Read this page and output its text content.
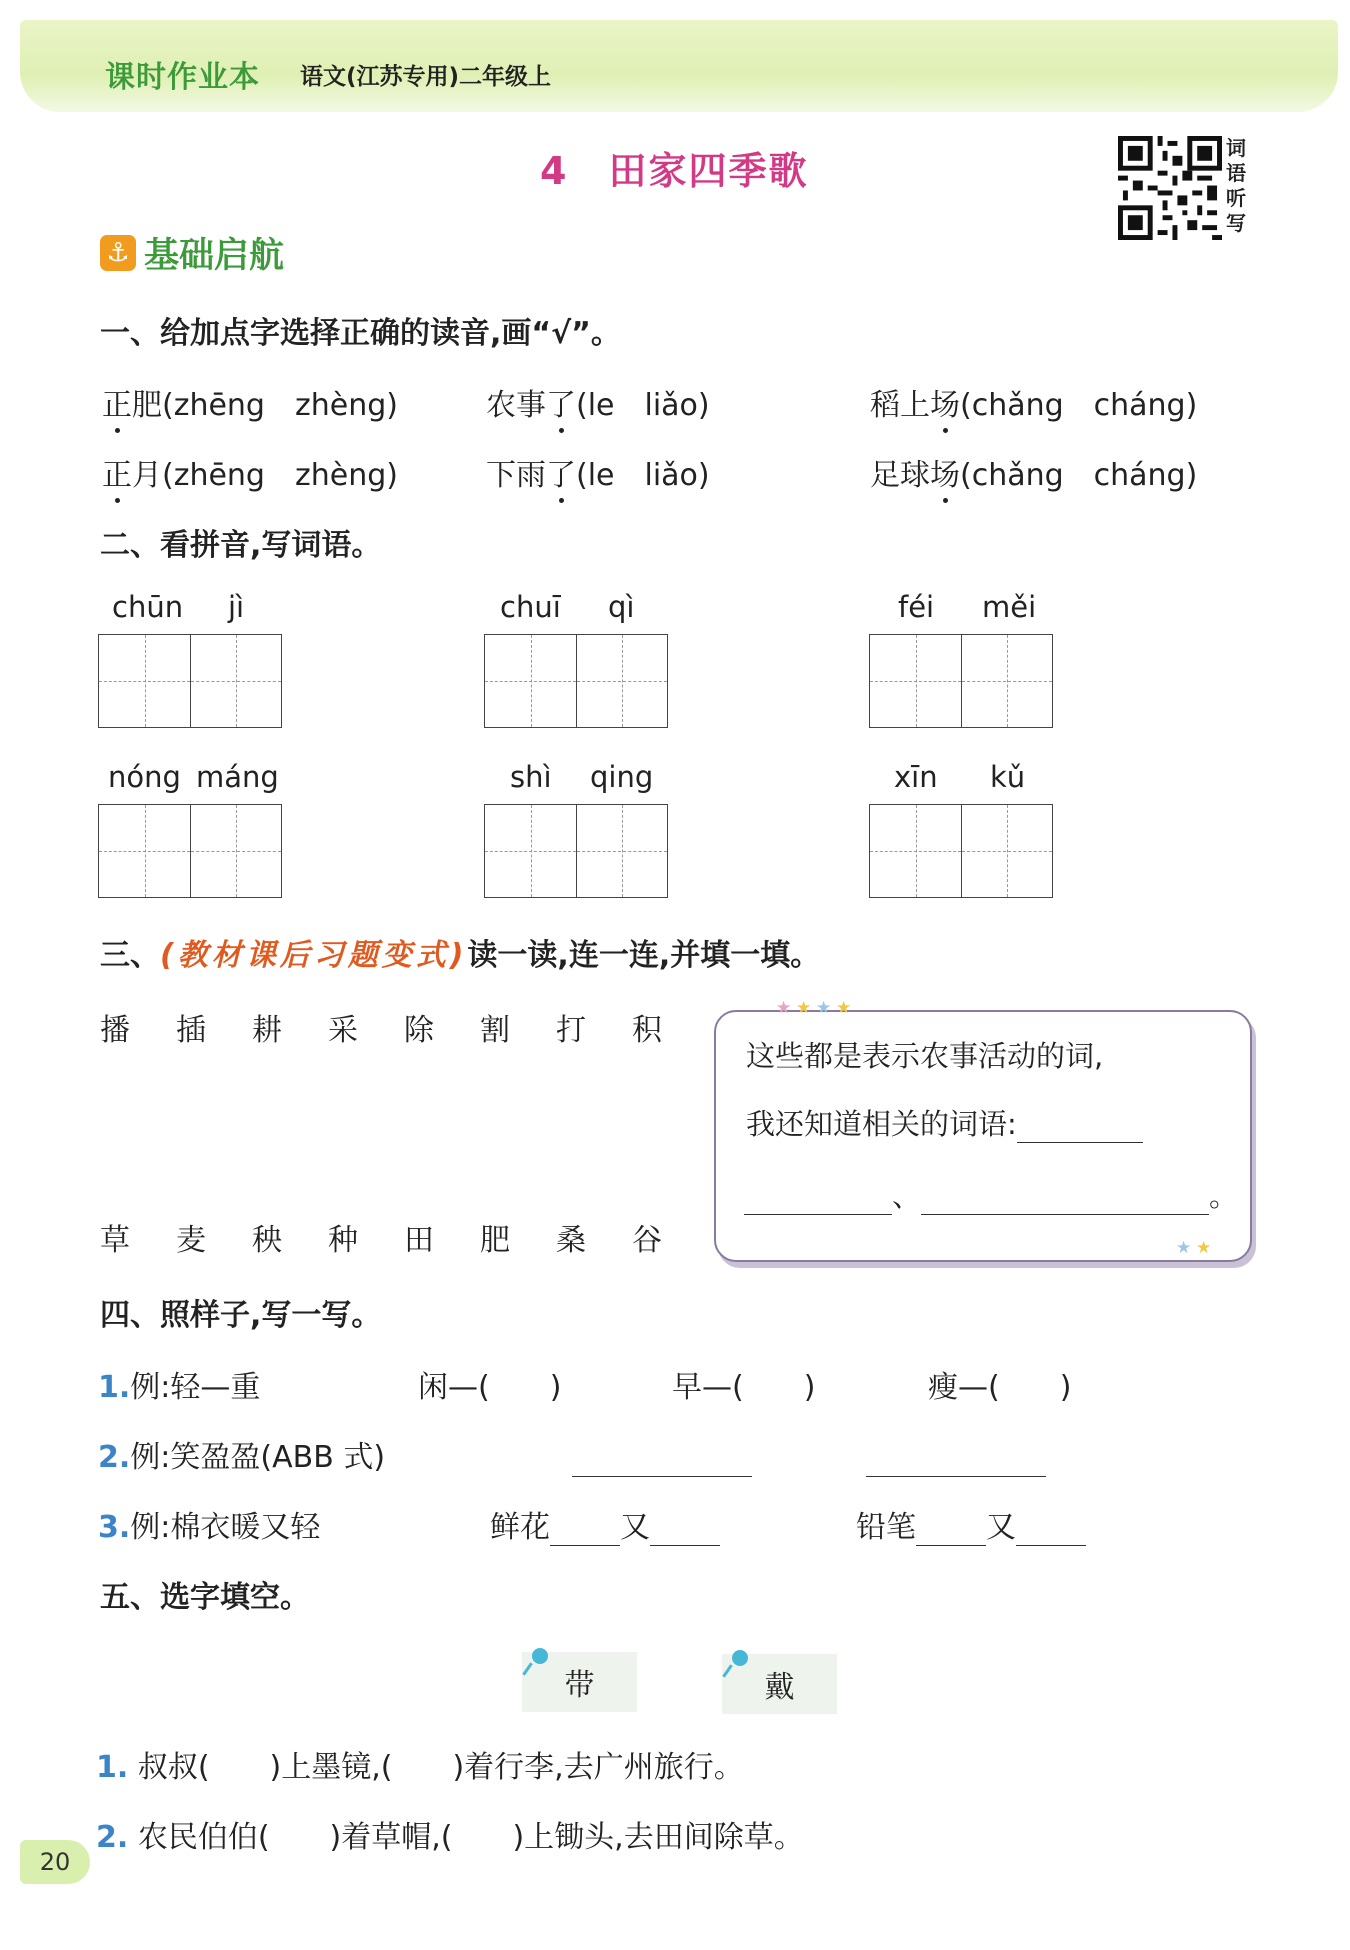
课时作业本 语文(江苏专用)二年级上
4 田家四季歌
词语听写
⚓ 基础启航
一、给加点字选择正确的读音,画“√”。
正肥(zhēng　zhèng)	农事了(le　liǎo)	稻上场(chǎng　cháng)
正月(zhēng　zhèng)	下雨了(le　liǎo)	足球场(chǎng　cháng)
二、看拼音,写词语。
chūn jì	chuī qì	féi měi
nóng máng	shì qing	xīn kǔ
三、(教材课后习题变式)读一读,连一连,并填一填。
播 插 耕 采 除 割 打 积
草 麦 秧 种 田 肥 桑 谷
这些都是表示农事活动的词,
我还知道相关的词语:
、	。
★ ★ ★ ★
★ ★
四、照样子,写一写。
1.例:轻—重	闲—(　　)	早—(　　)	瘦—(　　)
2.例:笑盈盈(ABB 式)
3.例:棉衣暖又轻	鲜花 又	铅笔 又
五、选字填空。
带	戴
1. 叔叔(　　)上墨镜,(　　)着行李,去广州旅行。
2. 农民伯伯(　　)着草帽,(　　)上锄头,去田间除草。
20
